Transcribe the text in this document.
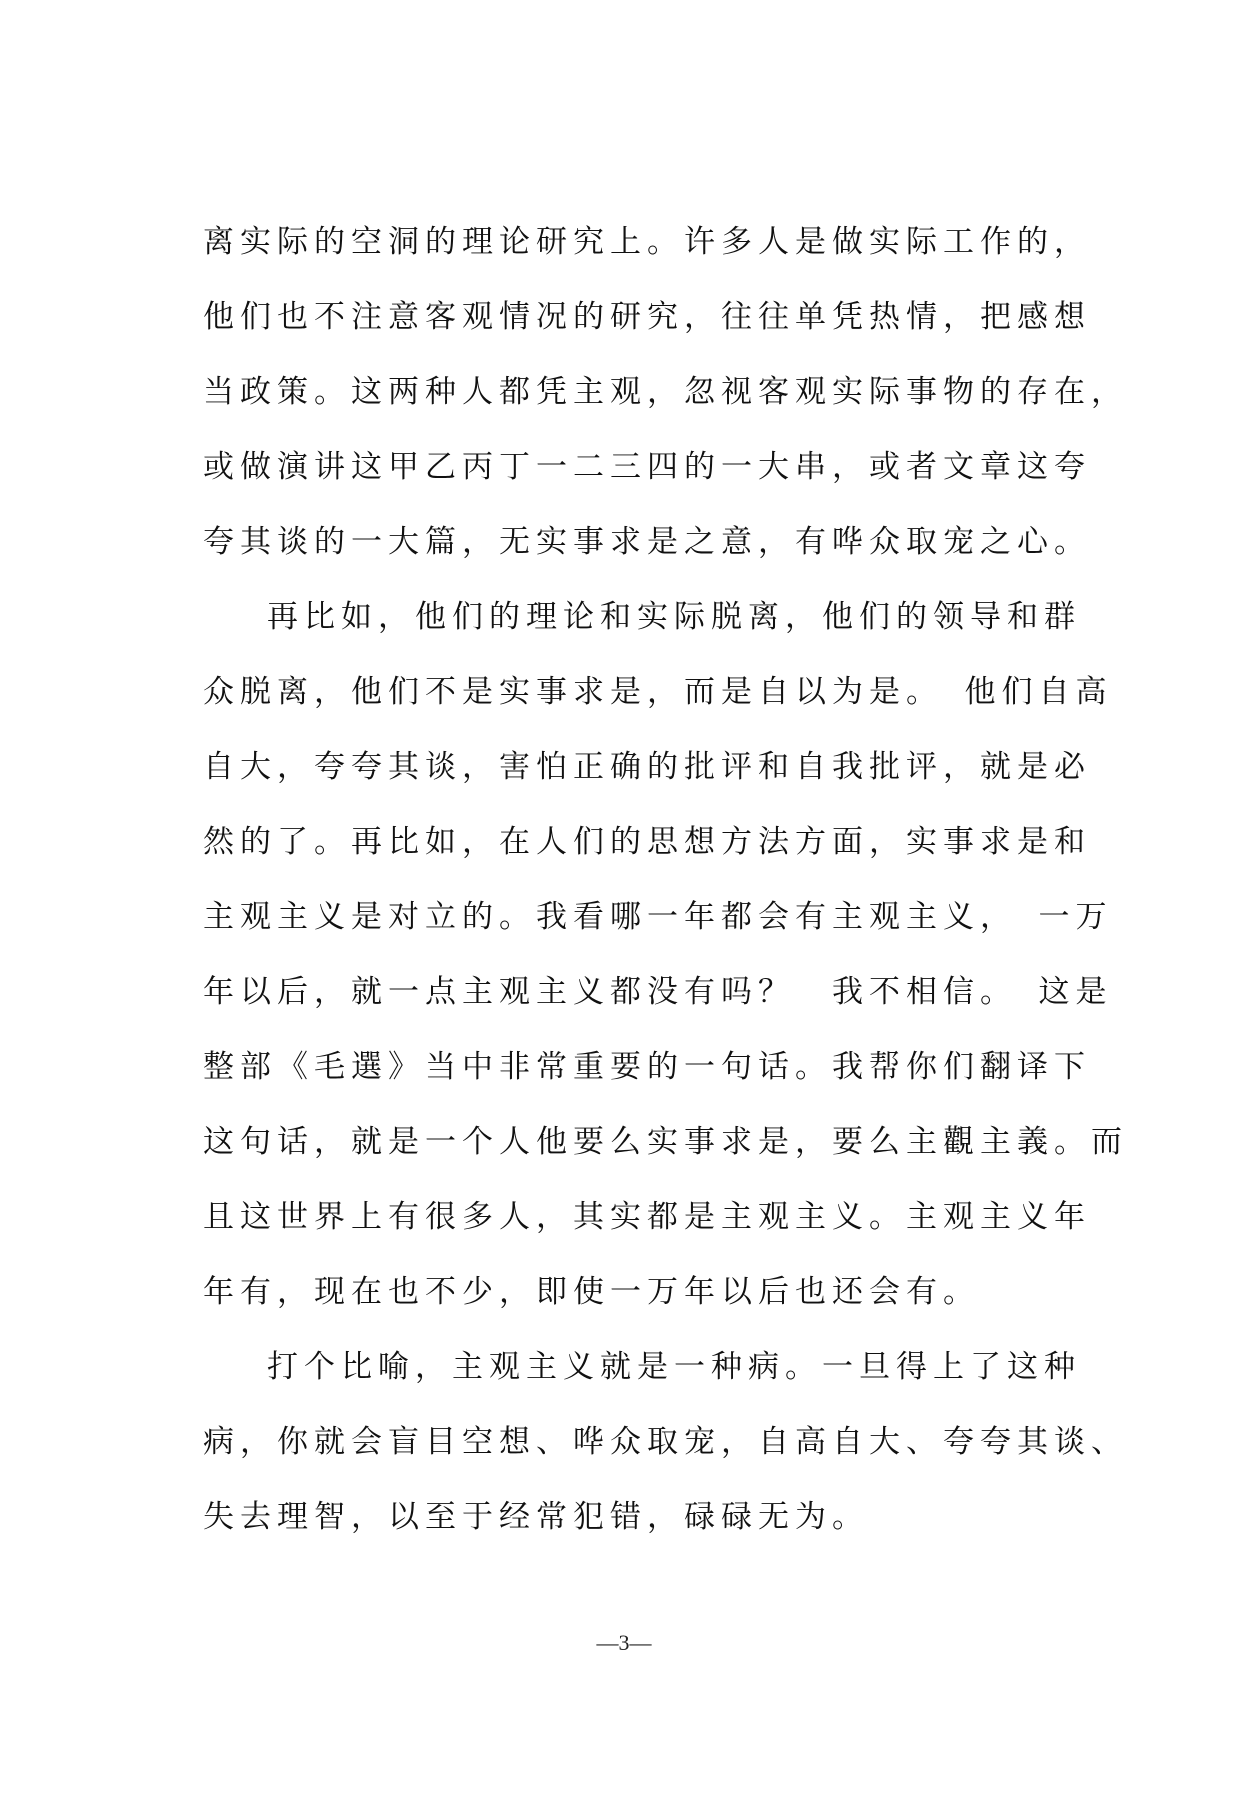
离实际的空洞的理论研究上。许多人是做实际工作的，
他们也不注意客观情况的研究，往往单凭热情，把感想
当政策。这两种人都凭主观，忽视客观实际事物的存在，
或做演讲这甲乙丙丁一二三四的一大串，或者文章这夸
夸其谈的一大篇，无实事求是之意，有哗众取宠之心。
再比如，他们的理论和实际脱离，他们的领导和群
众脱离，他们不是实事求是，而是自以为是。　他们自高
自大，夸夸其谈，害怕正确的批评和自我批评，就是必
然的了。再比如，在人们的思想方法方面，实事求是和
主观主义是对立的。我看哪一年都会有主观主义，　一万
年以后，就一点主观主义都没有吗？　我不相信。　这是
整部《毛選》当中非常重要的一句话。我帮你们翻译下
这句话，就是一个人他要么实事求是，要么主觀主義。而
且这世界上有很多人，其实都是主观主义。主观主义年
年有，现在也不少，即使一万年以后也还会有。
打个比喻，主观主义就是一种病。一旦得上了这种
病，你就会盲目空想、哗众取宠，自高自大、夸夸其谈、
失去理智，以至于经常犯错，碌碌无为。
—3—
